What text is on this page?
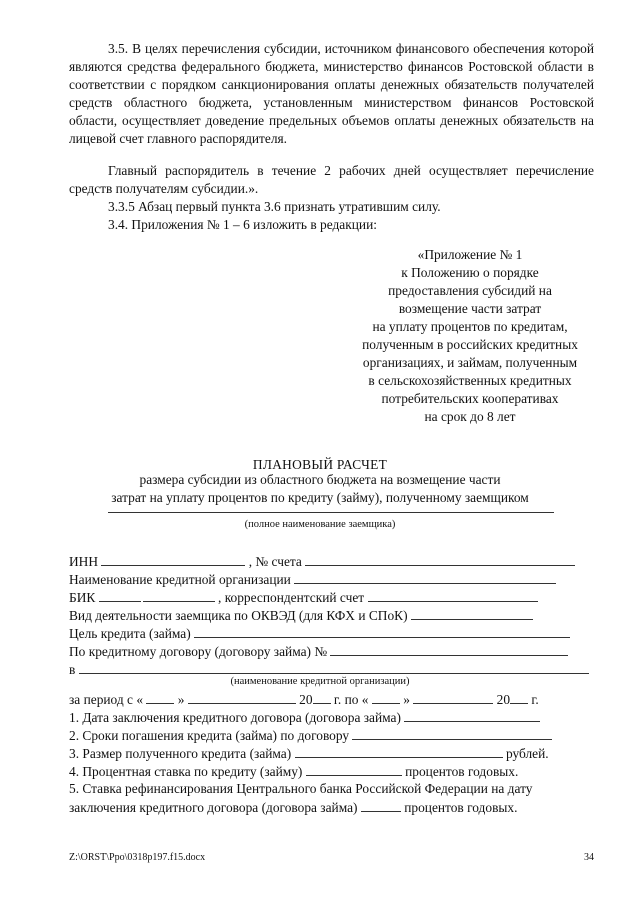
3.5. В целях перечисления субсидии, источником финансового обеспечения которой являются средства федерального бюджета, министерство финансов Ростовской области в соответствии с порядком санкционирования оплаты денежных обязательств получателей средств областного бюджета, установленным министерством финансов Ростовской области, осуществляет доведение предельных объемов оплаты денежных обязательств на лицевой счет главного распорядителя.
Главный распорядитель в течение 2 рабочих дней осуществляет перечисление средств получателям субсидии.».
3.3.5 Абзац первый пункта 3.6 признать утратившим силу.
3.4. Приложения № 1 – 6 изложить в редакции:
«Приложение № 1
к Положению о порядке
предоставления субсидий на
возмещение части затрат
на уплату процентов по кредитам,
полученным в российских кредитных
организациях, и займам, полученным
в сельскохозяйственных кредитных
потребительских кооперативах
на срок до 8 лет
ПЛАНОВЫЙ РАСЧЕТ
размера субсидии из областного бюджета на возмещение части
затрат на уплату процентов по кредиту (займу), полученному заемщиком
(полное наименование заемщика)
ИНН	, № счета
Наименование кредитной организации
БИК	, корреспондентский счет
Вид деятельности заемщика по ОКВЭД (для КФХ и СПоК)
Цель кредита (займа)
По кредитному договору (договору займа) №
в
(наименование кредитной организации)
за период с «	»	20 г. по «	»	20 г.
1. Дата заключения кредитного договора (договора займа)
2. Сроки погашения кредита (займа) по договору
3. Размер полученного кредита (займа)	рублей.
4. Процентная ставка по кредиту (займу)	процентов годовых.
5. Ставка рефинансирования Центрального банка Российской Федерации на дату
заключения кредитного договора (договора займа)	процентов годовых.
Z:\ORST\Ppo\0318p197.f15.docx	34
